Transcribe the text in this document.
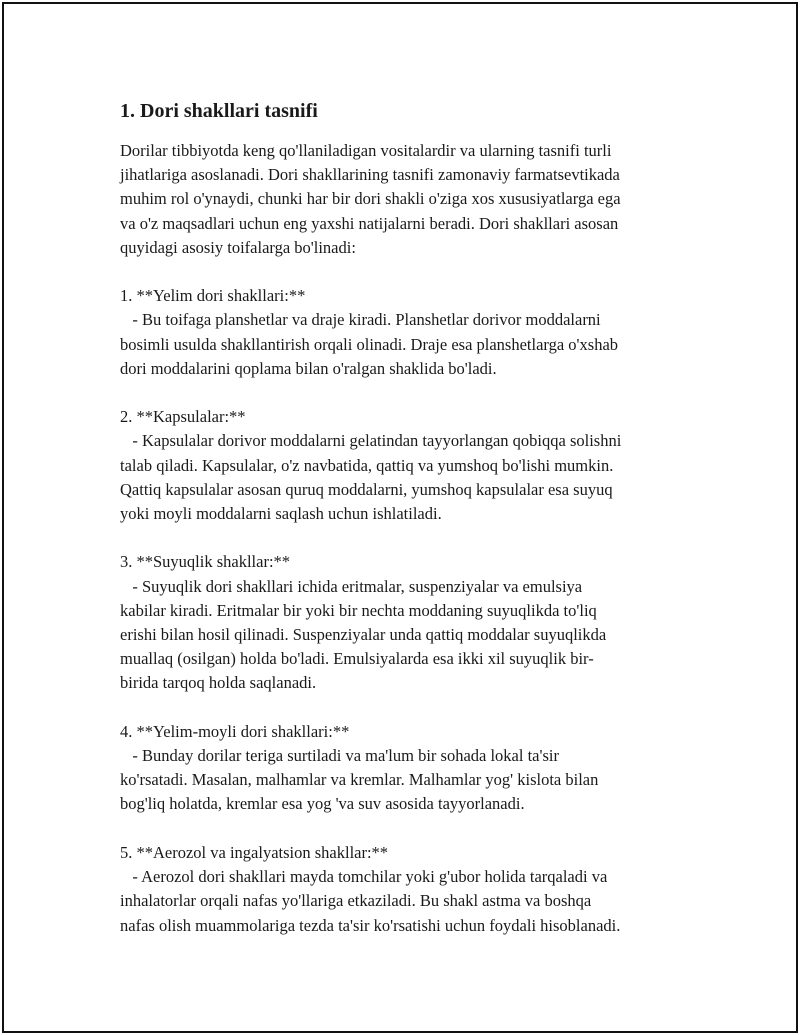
1. Dori shakllari tasnifi

Dorilar tibbiyotda keng qo'llaniladigan vositalardir va ularning tasnifi turli
jihatlariga asoslanadi. Dori shakllarining tasnifi zamonaviy farmatsevtikada
muhim rol o'ynaydi, chunki har bir dori shakli o'ziga xos xususiyatlarga ega
va o'z maqsadlari uchun eng yaxshi natijalarni beradi. Dori shakllari asosan
quyidagi asosiy toifalarga bo'linadi:

1. **Yelim dori shakllari:**
- Bu toifaga planshetlar va draje kiradi. Planshetlar dorivor moddalarni
bosimli usulda shakllantirish orqali olinadi. Draje esa planshetlarga o'xshab
dori moddalarini qoplama bilan o'ralgan shaklida bo'ladi.

2. **Kapsulalar:**
- Kapsulalar dorivor moddalarni gelatindan tayyorlangan qobiqqa solishni
talab qiladi. Kapsulalar, o'z navbatida, qattiq va yumshoq bo'lishi mumkin.
Qattiq kapsulalar asosan quruq moddalarni, yumshoq kapsulalar esa suyuq
yoki moyli moddalarni saqlash uchun ishlatiladi.

3. **Suyuqlik shakllar:**
- Suyuqlik dori shakllari ichida eritmalar, suspenziyalar va emulsiya
kabilar kiradi. Eritmalar bir yoki bir nechta moddaning suyuqlikda to'liq
erishi bilan hosil qilinadi. Suspenziyalar unda qattiq moddalar suyuqlikda
muallaq (osilgan) holda bo'ladi. Emulsiyalarda esa ikki xil suyuqlik bir-
birida tarqoq holda saqlanadi.

4. **Yelim-moyli dori shakllari:**
- Bunday dorilar teriga surtiladi va ma'lum bir sohada lokal ta'sir
ko'rsatadi. Masalan, malhamlar va kremlar. Malhamlar yog' kislota bilan
bog'liq holatda, kremlar esa yog 'va suv asosida tayyorlanadi.

5. **Aerozol va ingalyatsion shakllar:**
- Aerozol dori shakllari mayda tomchilar yoki g'ubor holida tarqaladi va
inhalatorlar orqali nafas yo'llariga etkaziladi. Bu shakl astma va boshqa
nafas olish muammolariga tezda ta'sir ko'rsatishi uchun foydali hisoblanadi.
